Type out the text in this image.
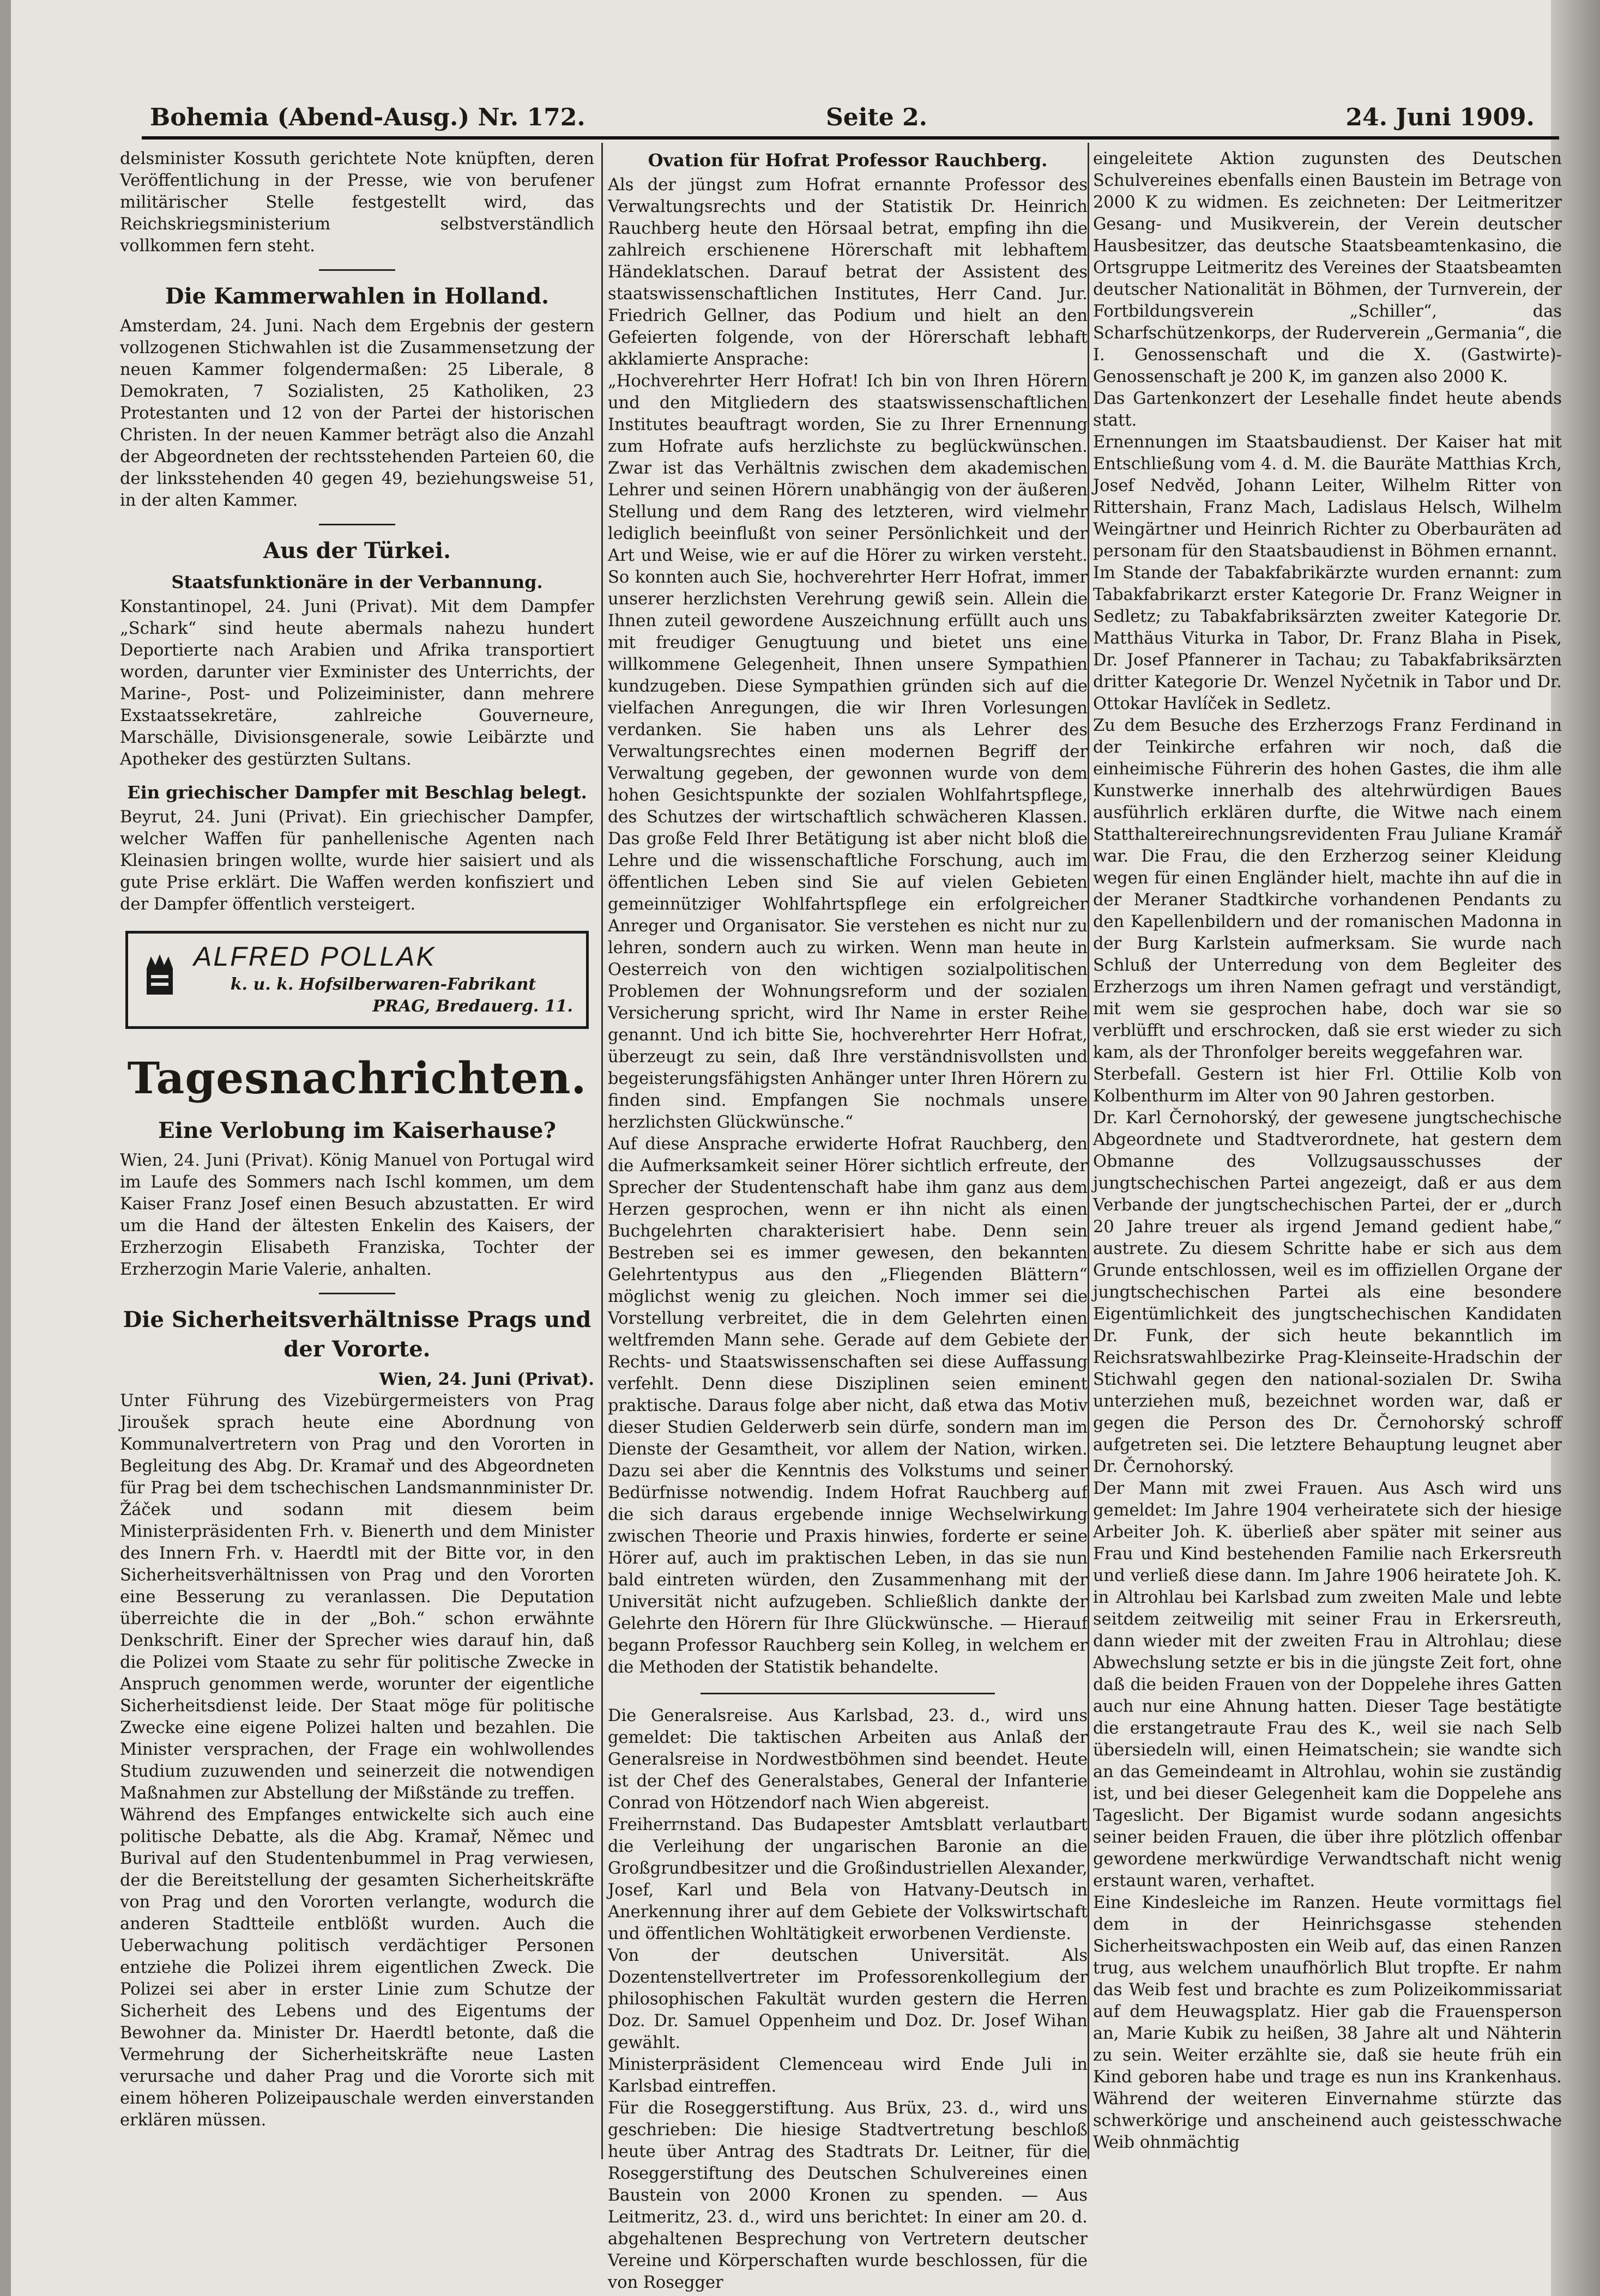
Bohemia (Abend-Ausg.) Nr. 172.	Seite 2.	24. Juni 1909.

delsminister Kossuth gerichtete Note knüpften, deren Veröffentlichung in der Presse, wie von berufener militärischer Stelle festgestellt wird, das Reichskriegsministerium selbstverständlich vollkommen fern steht.

Die Kammerwahlen in Holland.

Amsterdam, 24. Juni. Nach dem Ergebnis der gestern vollzogenen Stichwahlen ist die Zusammensetzung der neuen Kammer folgendermaßen: 25 Liberale, 8 Demokraten, 7 Sozialisten, 25 Katholiken, 23 Protestanten und 12 von der Partei der historischen Christen. In der neuen Kammer beträgt also die Anzahl der Abgeordneten der rechtsstehenden Parteien 60, die der linksstehenden 40 gegen 49, beziehungsweise 51, in der alten Kammer.

Aus der Türkei.
Staatsfunktionäre in der Verbannung.

Konstantinopel, 24. Juni (Privat). Mit dem Dampfer „Schark“ sind heute abermals nahezu hundert Deportierte nach Arabien und Afrika transportiert worden, darunter vier Exminister des Unterrichts, der Marine-, Post- und Polizeiminister, dann mehrere Exstaatssekretäre, zahlreiche Gouverneure, Marschälle, Divisionsgenerale, sowie Leibärzte und Apotheker des gestürzten Sultans.

Ein griechischer Dampfer mit Beschlag belegt.

Beyrut, 24. Juni (Privat). Ein griechischer Dampfer, welcher Waffen für panhellenische Agenten nach Kleinasien bringen wollte, wurde hier saisiert und als gute Prise erklärt. Die Waffen werden konfisziert und der Dampfer öffentlich versteigert.

ALFRED POLLAK
k. u. k. Hofsilberwaren-Fabrikant
PRAG, Bredauerg. 11.
Tagesnachrichten.
Eine Verlobung im Kaiserhause?

Wien, 24. Juni (Privat). König Manuel von Portugal wird im Laufe des Sommers nach Ischl kommen, um dem Kaiser Franz Josef einen Besuch abzustatten. Er wird um die Hand der ältesten Enkelin des Kaisers, der Erzherzogin Elisabeth Franziska, Tochter der Erzherzogin Marie Valerie, anhalten.

Die Sicherheitsverhältnisse Prags und der Vororte.

Wien, 24. Juni (Privat).

Unter Führung des Vizebürgermeisters von Prag Jiroušek sprach heute eine Abordnung von Kommunalvertretern von Prag und den Vororten in Begleitung des Abg. Dr. Kramař und des Abgeordneten für Prag bei dem tschechischen Landsmannminister Dr. Žáček und sodann mit diesem beim Ministerpräsidenten Frh. v. Bienerth und dem Minister des Innern Frh. v. Haerdtl mit der Bitte vor, in den Sicherheitsverhältnissen von Prag und den Vororten eine Besserung zu veranlassen. Die Deputation überreichte die in der „Boh.“ schon erwähnte Denkschrift. Einer der Sprecher wies darauf hin, daß die Polizei vom Staate zu sehr für politische Zwecke in Anspruch genommen werde, worunter der eigentliche Sicherheitsdienst leide. Der Staat möge für politische Zwecke eine eigene Polizei halten und bezahlen. Die Minister versprachen, der Frage ein wohlwollendes Studium zuzuwenden und seinerzeit die notwendigen Maßnahmen zur Abstellung der Mißstände zu treffen.

Während des Empfanges entwickelte sich auch eine politische Debatte, als die Abg. Kramař, Němec und Burival auf den Studentenbummel in Prag verwiesen, der die Bereitstellung der gesamten Sicherheitskräfte von Prag und den Vororten verlangte, wodurch die anderen Stadtteile entblößt wurden. Auch die Ueberwachung politisch verdächtiger Personen entziehe die Polizei ihrem eigentlichen Zweck. Die Polizei sei aber in erster Linie zum Schutze der Sicherheit des Lebens und des Eigentums der Bewohner da. Minister Dr. Haerdtl betonte, daß die Vermehrung der Sicherheitskräfte neue Lasten verursache und daher Prag und die Vororte sich mit einem höheren Polizeipauschale werden einverstanden erklären müssen.

Ovation für Hofrat Professor Rauchberg.

Als der jüngst zum Hofrat ernannte Professor des Verwaltungsrechts und der Statistik Dr. Heinrich Rauchberg heute den Hörsaal betrat, empfing ihn die zahlreich erschienene Hörerschaft mit lebhaftem Händeklatschen. Darauf betrat der Assistent des staatswissenschaftlichen Institutes, Herr Cand. Jur. Friedrich Gellner, das Podium und hielt an den Gefeierten folgende, von der Hörerschaft lebhaft akklamierte Ansprache:

„Hochverehrter Herr Hofrat! Ich bin von Ihren Hörern und den Mitgliedern des staatswissenschaftlichen Institutes beauftragt worden, Sie zu Ihrer Ernennung zum Hofrate aufs herzlichste zu beglückwünschen. Zwar ist das Verhältnis zwischen dem akademischen Lehrer und seinen Hörern unabhängig von der äußeren Stellung und dem Rang des letzteren, wird vielmehr lediglich beeinflußt von seiner Persönlichkeit und der Art und Weise, wie er auf die Hörer zu wirken versteht. So konnten auch Sie, hochverehrter Herr Hofrat, immer unserer herzlichsten Verehrung gewiß sein. Allein die Ihnen zuteil gewordene Auszeichnung erfüllt auch uns mit freudiger Genugtuung und bietet uns eine willkommene Gelegenheit, Ihnen unsere Sympathien kundzugeben. Diese Sympathien gründen sich auf die vielfachen Anregungen, die wir Ihren Vorlesungen verdanken. Sie haben uns als Lehrer des Verwaltungsrechtes einen modernen Begriff der Verwaltung gegeben, der gewonnen wurde von dem hohen Gesichtspunkte der sozialen Wohlfahrtspflege, des Schutzes der wirtschaftlich schwächeren Klassen. Das große Feld Ihrer Betätigung ist aber nicht bloß die Lehre und die wissenschaftliche Forschung, auch im öffentlichen Leben sind Sie auf vielen Gebieten gemeinnütziger Wohlfahrtspflege ein erfolgreicher Anreger und Organisator. Sie verstehen es nicht nur zu lehren, sondern auch zu wirken. Wenn man heute in Oesterreich von den wichtigen sozialpolitischen Problemen der Wohnungsreform und der sozialen Versicherung spricht, wird Ihr Name in erster Reihe genannt. Und ich bitte Sie, hochverehrter Herr Hofrat, überzeugt zu sein, daß Ihre verständnisvollsten und begeisterungsfähigsten Anhänger unter Ihren Hörern zu finden sind. Empfangen Sie nochmals unsere herzlichsten Glückwünsche.“

Auf diese Ansprache erwiderte Hofrat Rauchberg, den die Aufmerksamkeit seiner Hörer sichtlich erfreute, der Sprecher der Studentenschaft habe ihm ganz aus dem Herzen gesprochen, wenn er ihn nicht als einen Buchgelehrten charakterisiert habe. Denn sein Bestreben sei es immer gewesen, den bekannten Gelehrtentypus aus den „Fliegenden Blättern“ möglichst wenig zu gleichen. Noch immer sei die Vorstellung verbreitet, die in dem Gelehrten einen weltfremden Mann sehe. Gerade auf dem Gebiete der Rechts- und Staatswissenschaften sei diese Auffassung verfehlt. Denn diese Disziplinen seien eminent praktische. Daraus folge aber nicht, daß etwa das Motiv dieser Studien Gelderwerb sein dürfe, sondern man im Dienste der Gesamtheit, vor allem der Nation, wirken. Dazu sei aber die Kenntnis des Volkstums und seiner Bedürfnisse notwendig. Indem Hofrat Rauchberg auf die sich daraus ergebende innige Wechselwirkung zwischen Theorie und Praxis hinwies, forderte er seine Hörer auf, auch im praktischen Leben, in das sie nun bald eintreten würden, den Zusammenhang mit der Universität nicht aufzugeben. Schließlich dankte der Gelehrte den Hörern für Ihre Glückwünsche. — Hierauf begann Professor Rauchberg sein Kolleg, in welchem er die Methoden der Statistik behandelte.

Die Generalsreise. Aus Karlsbad, 23. d., wird uns gemeldet: Die taktischen Arbeiten aus Anlaß der Generalsreise in Nordwestböhmen sind beendet. Heute ist der Chef des Generalstabes, General der Infanterie Conrad von Hötzendorf nach Wien abgereist.

Freiherrnstand. Das Budapester Amtsblatt verlautbart die Verleihung der ungarischen Baronie an die Großgrundbesitzer und die Großindustriellen Alexander, Josef, Karl und Bela von Hatvany-Deutsch in Anerkennung ihrer auf dem Gebiete der Volkswirtschaft und öffentlichen Wohltätigkeit erworbenen Verdienste.

Von der deutschen Universität. Als Dozentenstellvertreter im Professorenkollegium der philosophischen Fakultät wurden gestern die Herren Doz. Dr. Samuel Oppenheim und Doz. Dr. Josef Wihan gewählt.

Ministerpräsident Clemenceau wird Ende Juli in Karlsbad eintreffen.

Für die Roseggerstiftung. Aus Brüx, 23. d., wird uns geschrieben: Die hiesige Stadtvertretung beschloß heute über Antrag des Stadtrats Dr. Leitner, für die Roseggerstiftung des Deutschen Schulvereines einen Baustein von 2000 Kronen zu spenden. — Aus Leitmeritz, 23. d., wird uns berichtet: In einer am 20. d. abgehaltenen Besprechung von Vertretern deutscher Vereine und Körperschaften wurde beschlossen, für die von Rosegger

eingeleitete Aktion zugunsten des Deutschen Schulvereines ebenfalls einen Baustein im Betrage von 2000 K zu widmen. Es zeichneten: Der Leitmeritzer Gesang- und Musikverein, der Verein deutscher Hausbesitzer, das deutsche Staatsbeamtenkasino, die Ortsgruppe Leitmeritz des Vereines der Staatsbeamten deutscher Nationalität in Böhmen, der Turnverein, der Fortbildungsverein „Schiller“, das Scharfschützenkorps, der Ruderverein „Germania“, die I. Genossenschaft und die X. (Gastwirte)-Genossenschaft je 200 K, im ganzen also 2000 K.

Das Gartenkonzert der Lesehalle findet heute abends statt.

Ernennungen im Staatsbaudienst. Der Kaiser hat mit Entschließung vom 4. d. M. die Bauräte Matthias Krch, Josef Nedvěd, Johann Leiter, Wilhelm Ritter von Rittershain, Franz Mach, Ladislaus Helsch, Wilhelm Weingärtner und Heinrich Richter zu Oberbauräten ad personam für den Staatsbaudienst in Böhmen ernannt.

Im Stande der Tabakfabrikärzte wurden ernannt: zum Tabakfabrikarzt erster Kategorie Dr. Franz Weigner in Sedletz; zu Tabakfabriksärzten zweiter Kategorie Dr. Matthäus Viturka in Tabor, Dr. Franz Blaha in Pisek, Dr. Josef Pfannerer in Tachau; zu Tabakfabriksärzten dritter Kategorie Dr. Wenzel Nyčetnik in Tabor und Dr. Ottokar Havlíček in Sedletz.

Zu dem Besuche des Erzherzogs Franz Ferdinand in der Teinkirche erfahren wir noch, daß die einheimische Führerin des hohen Gastes, die ihm alle Kunstwerke innerhalb des altehrwürdigen Baues ausführlich erklären durfte, die Witwe nach einem Statthaltereirechnungsrevidenten Frau Juliane Kramář war. Die Frau, die den Erzherzog seiner Kleidung wegen für einen Engländer hielt, machte ihn auf die in der Meraner Stadtkirche vorhandenen Pendants zu den Kapellenbildern und der romanischen Madonna in der Burg Karlstein aufmerksam. Sie wurde nach Schluß der Unterredung von dem Begleiter des Erzherzogs um ihren Namen gefragt und verständigt, mit wem sie gesprochen habe, doch war sie so verblüfft und erschrocken, daß sie erst wieder zu sich kam, als der Thronfolger bereits weggefahren war.

Sterbefall. Gestern ist hier Frl. Ottilie Kolb von Kolbenthurm im Alter von 90 Jahren gestorben.

Dr. Karl Černohorský, der gewesene jungtschechische Abgeordnete und Stadtverordnete, hat gestern dem Obmanne des Vollzugsausschusses der jungtschechischen Partei angezeigt, daß er aus dem Verbande der jungtschechischen Partei, der er „durch 20 Jahre treuer als irgend Jemand gedient habe,“ austrete. Zu diesem Schritte habe er sich aus dem Grunde entschlossen, weil es im offiziellen Organe der jungtschechischen Partei als eine besondere Eigentümlichkeit des jungtschechischen Kandidaten Dr. Funk, der sich heute bekanntlich im Reichsratswahlbezirke Prag-Kleinseite-Hradschin der Stichwahl gegen den national-sozialen Dr. Swiha unterziehen muß, bezeichnet worden war, daß er gegen die Person des Dr. Černohorský schroff aufgetreten sei. Die letztere Behauptung leugnet aber Dr. Černohorský.

Der Mann mit zwei Frauen. Aus Asch wird uns gemeldet: Im Jahre 1904 verheiratete sich der hiesige Arbeiter Joh. K. überließ aber später mit seiner aus Frau und Kind bestehenden Familie nach Erkersreuth und verließ diese dann. Im Jahre 1906 heiratete Joh. K. in Altrohlau bei Karlsbad zum zweiten Male und lebte seitdem zeitweilig mit seiner Frau in Erkersreuth, dann wieder mit der zweiten Frau in Altrohlau; diese Abwechslung setzte er bis in die jüngste Zeit fort, ohne daß die beiden Frauen von der Doppelehe ihres Gatten auch nur eine Ahnung hatten. Dieser Tage bestätigte die erstangetraute Frau des K., weil sie nach Selb übersiedeln will, einen Heimatschein; sie wandte sich an das Gemeindeamt in Altrohlau, wohin sie zuständig ist, und bei dieser Gelegenheit kam die Doppelehe ans Tageslicht. Der Bigamist wurde sodann angesichts seiner beiden Frauen, die über ihre plötzlich offenbar gewordene merkwürdige Verwandtschaft nicht wenig erstaunt waren, verhaftet.

Eine Kindesleiche im Ranzen. Heute vormittags fiel dem in der Heinrichsgasse stehenden Sicherheitswachposten ein Weib auf, das einen Ranzen trug, aus welchem unaufhörlich Blut tropfte. Er nahm das Weib fest und brachte es zum Polizeikommissariat auf dem Heuwagsplatz. Hier gab die Frauensperson an, Marie Kubik zu heißen, 38 Jahre alt und Nähterin zu sein. Weiter erzählte sie, daß sie heute früh ein Kind geboren habe und trage es nun ins Krankenhaus. Während der weiteren Einvernahme stürzte das schwerkörige und anscheinend auch geistesschwache Weib ohnmächtig
